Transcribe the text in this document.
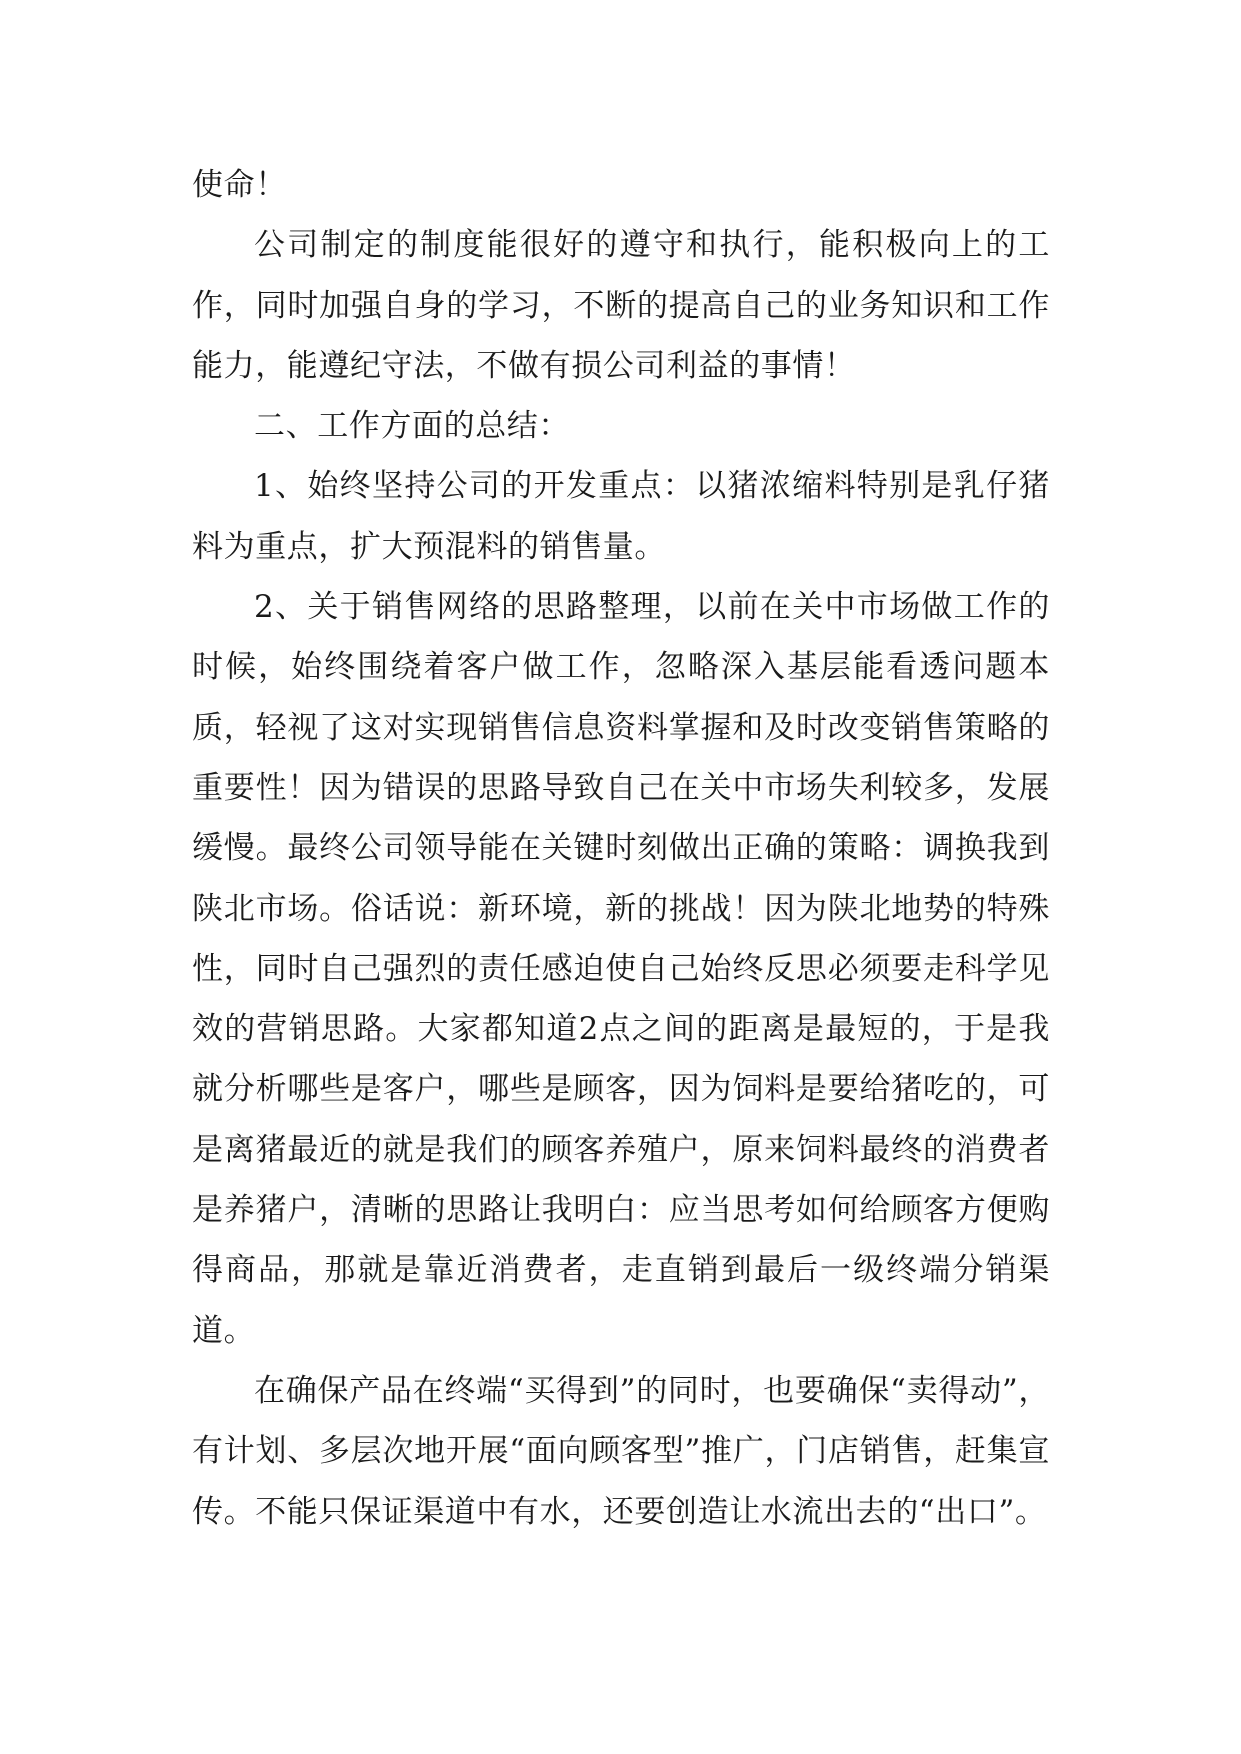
使命！

公司制定的制度能很好的遵守和执行，能积极向上的工作，同时加强自身的学习，不断的提高自己的业务知识和工作能力，能遵纪守法，不做有损公司利益的事情！

二、工作方面的总结：

1、始终坚持公司的开发重点：以猪浓缩料特别是乳仔猪料为重点，扩大预混料的销售量。

2、关于销售网络的思路整理，以前在关中市场做工作的时候，始终围绕着客户做工作，忽略深入基层能看透问题本质，轻视了这对实现销售信息资料掌握和及时改变销售策略的重要性！因为错误的思路导致自己在关中市场失利较多，发展缓慢。最终公司领导能在关键时刻做出正确的策略：调换我到陕北市场。俗话说：新环境，新的挑战！因为陕北地势的特殊性，同时自己强烈的责任感迫使自己始终反思必须要走科学见效的营销思路。大家都知道2点之间的距离是最短的，于是我就分析哪些是客户，哪些是顾客，因为饲料是要给猪吃的，可是离猪最近的就是我们的顾客养殖户，原来饲料最终的消费者是养猪户，清晰的思路让我明白：应当思考如何给顾客方便购得商品，那就是靠近消费者，走直销到最后一级终端分销渠道。

在确保产品在终端“买得到”的同时，也要确保“卖得动”，有计划、多层次地开展“面向顾客型”推广，门店销售，赶集宣传。不能只保证渠道中有水，还要创造让水流出去的“出口”。
